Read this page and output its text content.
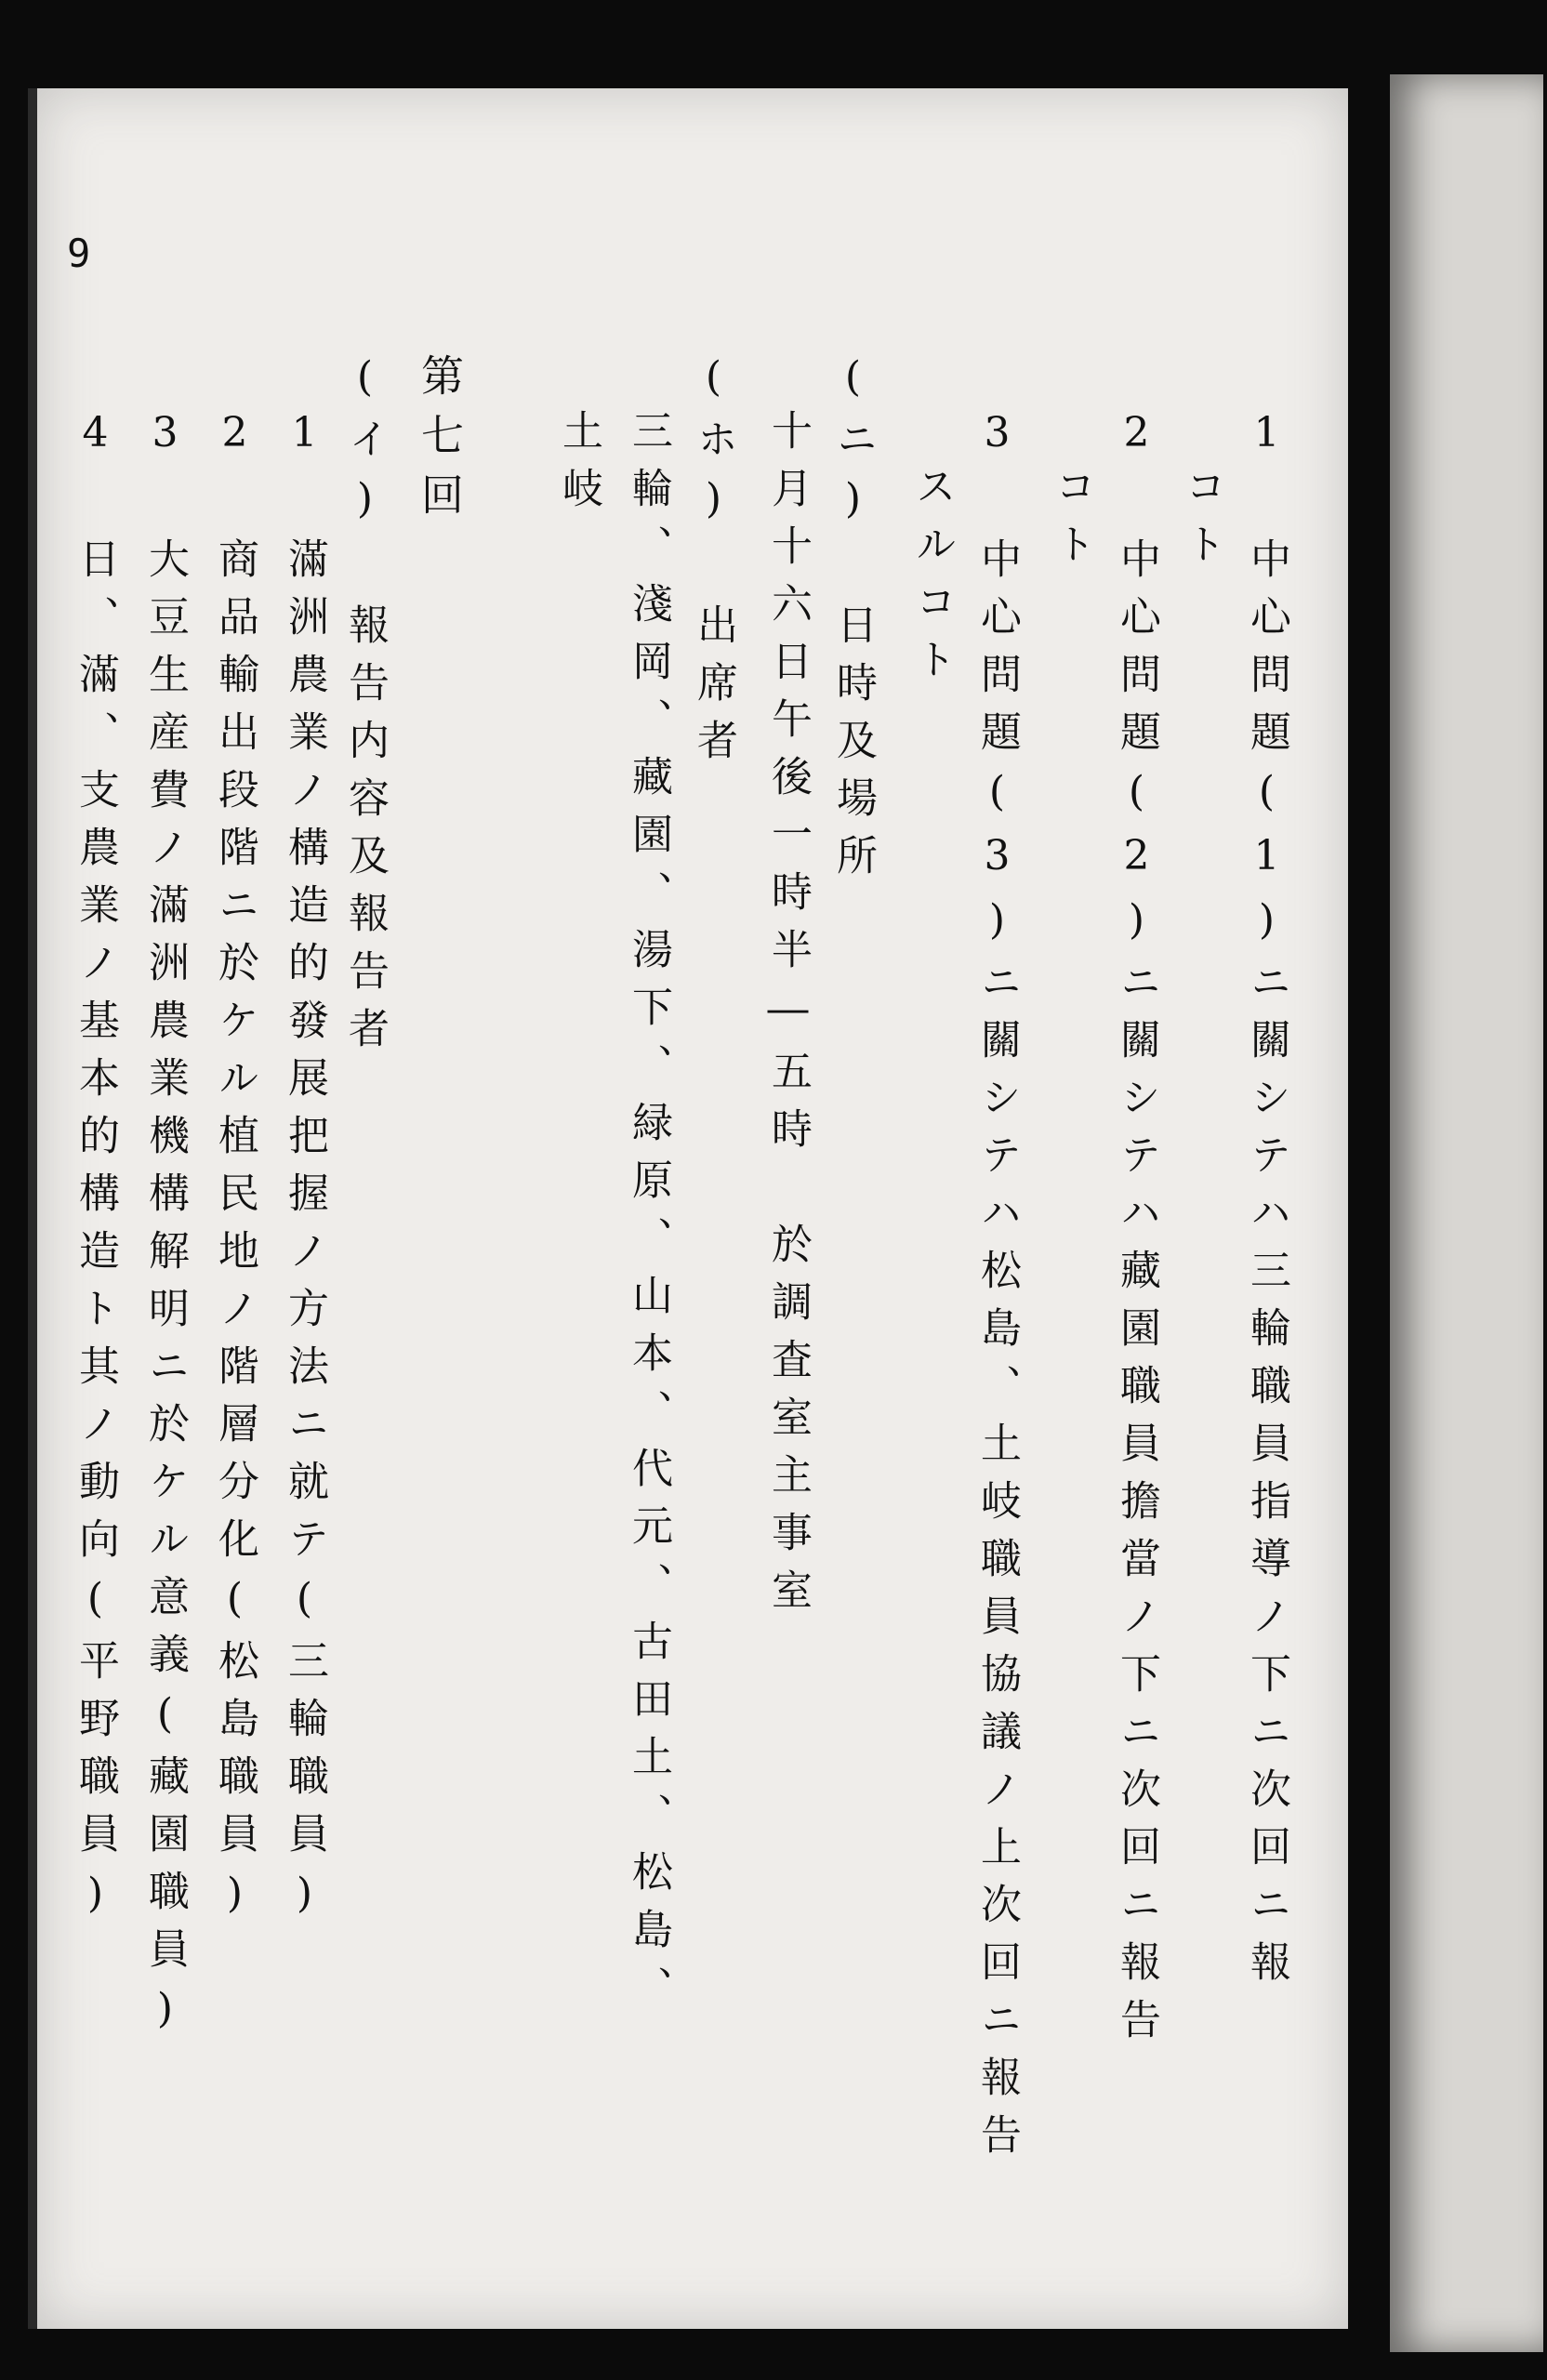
9
1 中心問題(1)ニ關シテハ三輪職員指導ノ下ニ次回ニ報
コト
2 中心問題(2)ニ關シテハ藏園職員擔當ノ下ニ次回ニ報告
コト
3 中心問題(3)ニ關シテハ松島、土岐職員協議ノ上次回ニ報告
スルコト
(ニ) 日時及場所
十月十六日午後一時半―五時　於調査室主事室
(ホ) 出席者
三輪、淺岡、藏園、湯下、緑原、山本、代元、古田土、松島、
土岐
第七回
(イ) 報告内容及報告者
1 滿洲農業ノ構造的發展把握ノ方法ニ就テ(三輪職員)
2 商品輸出段階ニ於ケル植民地ノ階層分化(松島職員)
3 大豆生産費ノ滿洲農業機構解明ニ於ケル意義(藏園職員)
4 日、滿、支農業ノ基本的構造ト其ノ動向(平野職員)
